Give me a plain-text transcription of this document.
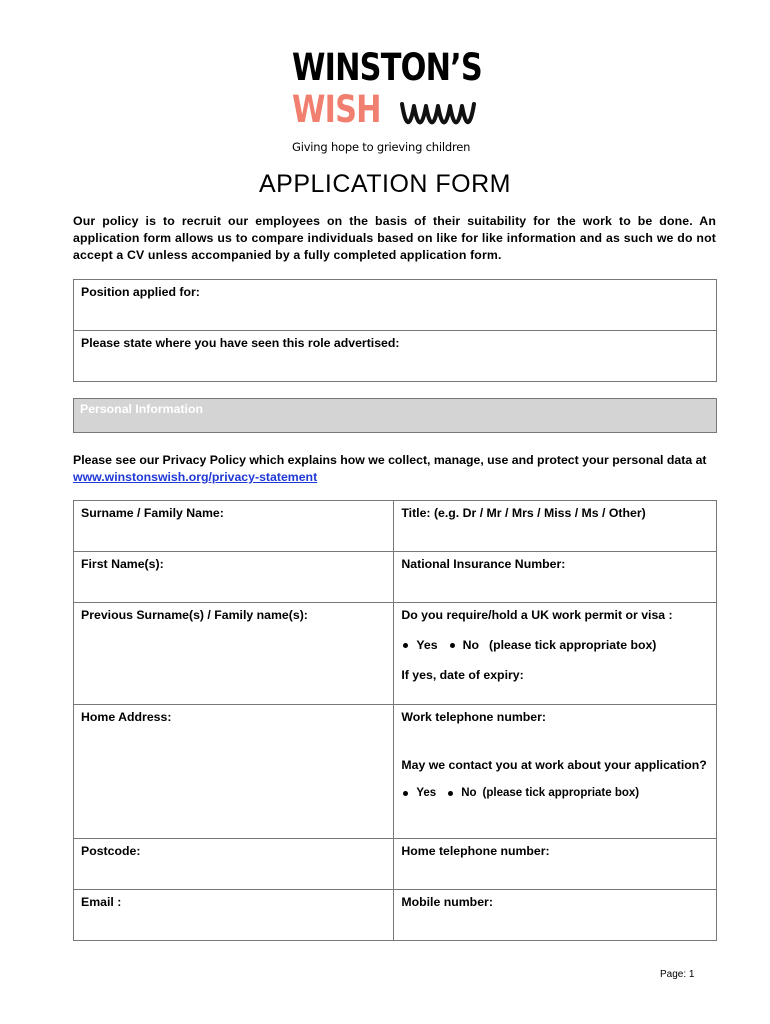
WINSTON’S
WISH
Giving hope to grieving children
APPLICATION FORM
Our policy is to recruit our employees on the basis of their suitability for the work to be done. An application form allows us to compare individuals based on like for like information and as such we do not accept a CV unless accompanied by a fully completed application form.
Position applied for:
Please state where you have seen this role advertised:
Personal Information
Please see our Privacy Policy which explains how we collect, manage, use and protect your personal data at www.winstonswish.org/privacy-statement
Surname / Family Name:	Title: (e.g. Dr / Mr / Mrs / Miss / Ms / Other)
First Name(s):	National Insurance Number:
Previous Surname(s) / Family name(s):	Do you require/hold a UK work permit or visa :
Yes No (please tick appropriate box)
If yes, date of expiry:

Home Address:	Work telephone number:
May we contact you at work about your application?
Yes No (please tick appropriate box)

Postcode:	Home telephone number:
Email :	Mobile number:
Page: 1
